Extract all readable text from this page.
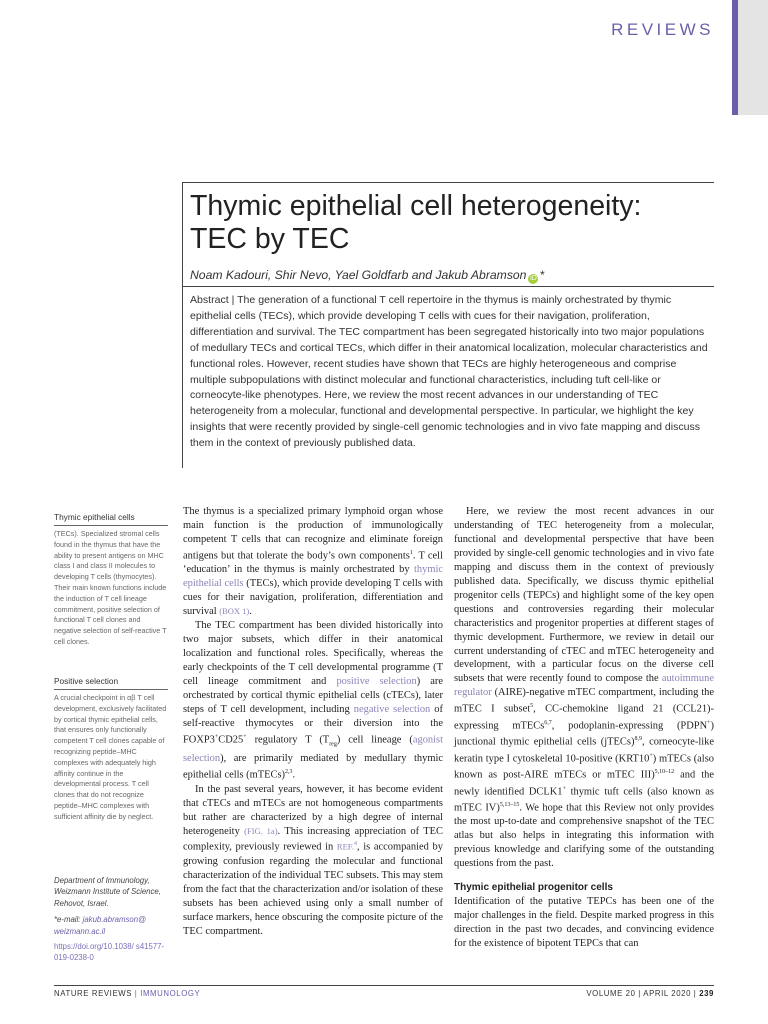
REVIEWS
Thymic epithelial cell heterogeneity:
TEC by TEC
Noam Kadouri, Shir Nevo, Yael Goldfarb and Jakub Abramson iD *
Abstract | The generation of a functional T cell repertoire in the thymus is mainly orchestrated by thymic epithelial cells (TECs), which provide developing T cells with cues for their navigation, proliferation, differentiation and survival. The TEC compartment has been segregated historically into two major populations of medullary TECs and cortical TECs, which differ in their anatomical localization, molecular characteristics and functional roles. However, recent studies have shown that TECs are highly heterogeneous and comprise multiple subpopulations with distinct molecular and functional characteristics, including tuft cell-like or corneocyte-like phenotypes. Here, we review the most recent advances in our understanding of TEC heterogeneity from a molecular, functional and developmental perspective. In particular, we highlight the key insights that were recently provided by single-cell genomic technologies and in vivo fate mapping and discuss them in the context of previously published data.
Thymic epithelial cells
(TECs). Specialized stromal cells found in the thymus that have the ability to present antigens on MHC class I and class II molecules to developing T cells (thymocytes). Their main known functions include the induction of T cell lineage commitment, positive selection of functional T cell clones and negative selection of self-reactive T cell clones.
Positive selection
A crucial checkpoint in αβ T cell development, exclusively facilitated by cortical thymic epithelial cells, that ensures only functionally competent T cell clones capable of recognizing peptide–MHC complexes with adequately high affinity continue in the developmental process. T cell clones that do not recognize peptide–MHC complexes with sufficient affinity die by neglect.
Department of Immunology, Weizmann Institute of Science, Rehovot, Israel.
*e-mail: jakub.abramson@ weizmann.ac.il
https://doi.org/10.1038/ s41577-019-0238-0

The thymus is a specialized primary lymphoid organ whose main function is the production of immunologically competent T cells that can recognize and eliminate foreign antigens but that tolerate the body’s own components$^1$. T cell ‘education’ in the thymus is mainly orchestrated by thymic epithelial cells (TECs), which provide developing T cells with cues for their navigation, proliferation, differentiation and survival (BOX 1).

The TEC compartment has been divided historically into two major subsets, which differ in their anatomical localization and functional roles. Specifically, whereas the early checkpoints of the T cell developmental programme (T cell lineage commitment and positive selection) are orchestrated by cortical thymic epithelial cells (cTECs), later steps of T cell development, including negative selection of self-reactive thymocytes or their diversion into the FOXP3+CD25+ regulatory T $(T_{reg})$ cell lineage (agonist selection), are primarily mediated by medullary thymic epithelial cells (mTECs)$^{2,3}$.

In the past several years, however, it has become evident that cTECs and mTECs are not homogeneous compartments but rather are characterized by a high degree of internal heterogeneity (FIG. 1a). This increasing appreciation of TEC complexity, previously reviewed in REF.$^4$, is accompanied by growing confusion regarding the molecular and functional characterization of the individual TEC subsets. This may stem from the fact that the characterization and/or isolation of these subsets has been achieved using only a small number of surface markers, hence obscuring the composite picture of the TEC compartment.

Here, we review the most recent advances in our understanding of TEC heterogeneity from a molecular, functional and developmental perspective that have been provided by single-cell genomic technologies and in vivo fate mapping and discuss them in the context of previously published data. Specifically, we discuss thymic epithelial progenitor cells (TEPCs) and highlight some of the key open questions and controversies regarding their molecular characteristics and progenitor properties at different stages of thymic development. Furthermore, we review in detail our current understanding of cTEC and mTEC heterogeneity and development, with a particular focus on the diverse cell subsets that were recently found to compose the autoimmune regulator (AIRE)-negative mTEC compartment, including the mTEC I subset$^5$, CC-chemokine ligand 21 (CCL21)-expressing mTECs$^{6,7}$, podoplanin-expressing (PDPN+) junctional thymic epithelial cells (jTECs)$^{8,9}$, corneocyte-like keratin type I cytoskeletal 10-positive (KRT10+) mTECs (also known as post-AIRE mTECs or mTEC III)$^{5,10-12}$ and the newly identified DCLK1+ thymic tuft cells (also known as mTEC IV)$^{5,13-15}$. We hope that this Review not only provides the most up-to-date and comprehensive snapshot of the TEC atlas but also helps in integrating this information with previous knowledge and clarifying some of the outstanding questions from the past.

Thymic epithelial progenitor cells

Identification of the putative TEPCs has been one of the major challenges in the field. Despite marked progress in this direction in the past two decades, and convincing evidence for the existence of bipotent TEPCs that can

NATURE REVIEWS | IMMUNOLOGY	VOLUME 20 | APRIL 2020 | 239
